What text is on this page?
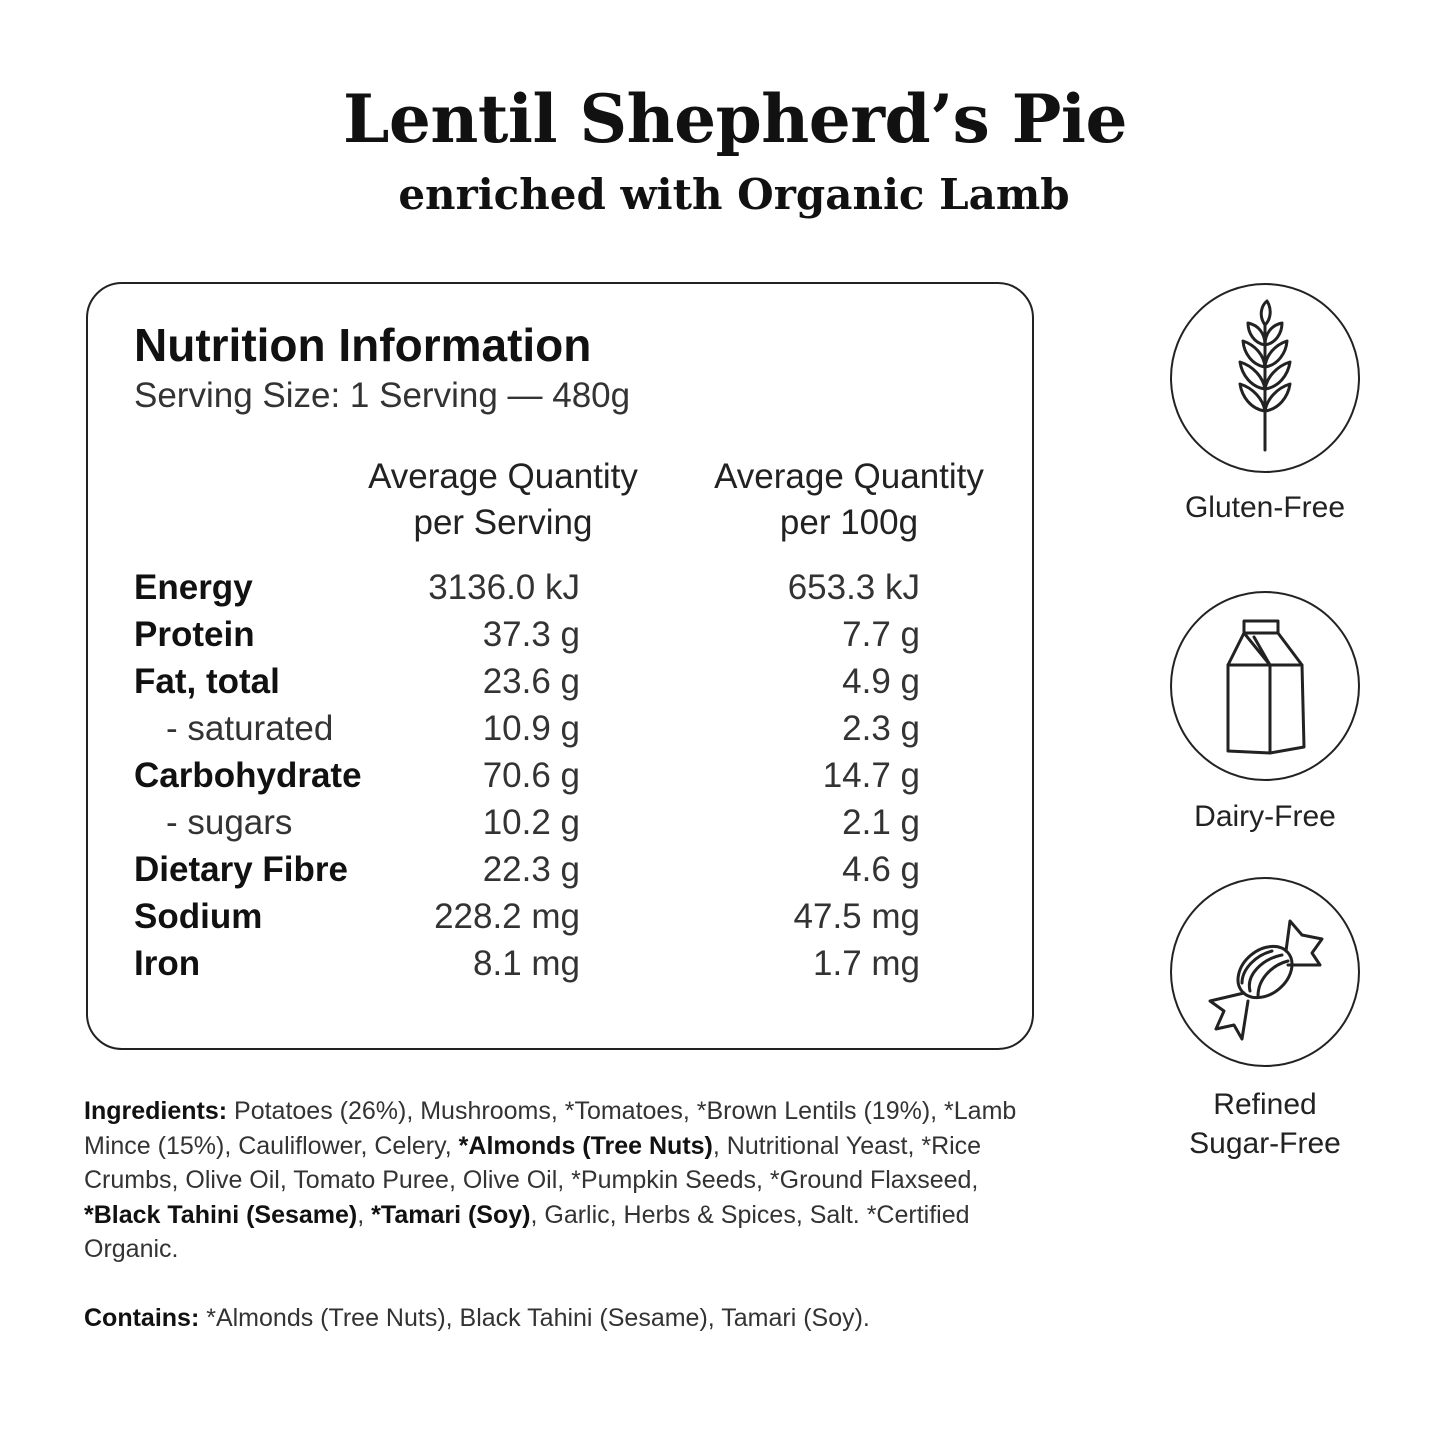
Lentil Shepherd’s Pie
enriched with Organic Lamb
Nutrition Information
Serving Size: 1 Serving — 480g
Average Quantity
per Serving
Average Quantity
per 100g
Energy	3136.0 kJ	653.3 kJ
Protein	37.3 g	7.7 g
Fat, total	23.6 g	4.9 g
- saturated	10.9 g	2.3 g
Carbohydrate	70.6 g	14.7 g
- sugars	10.2 g	2.1 g
Dietary Fibre	22.3 g	4.6 g
Sodium	228.2 mg	47.5 mg
Iron	8.1 mg	1.7 mg
Ingredients: Potatoes (26%), Mushrooms, *Tomatoes, *Brown Lentils (19%), *Lamb Mince (15%), Cauliflower, Celery, *Almonds (Tree Nuts), Nutritional Yeast, *Rice Crumbs, Olive Oil, Tomato Puree, Olive Oil, *Pumpkin Seeds, *Ground Flaxseed, *Black Tahini (Sesame), *Tamari (Soy), Garlic, Herbs & Spices, Salt. *Certified Organic.
Contains: *Almonds (Tree Nuts), Black Tahini (Sesame), Tamari (Soy).
Gluten-Free
Dairy-Free
Refined
Sugar-Free
